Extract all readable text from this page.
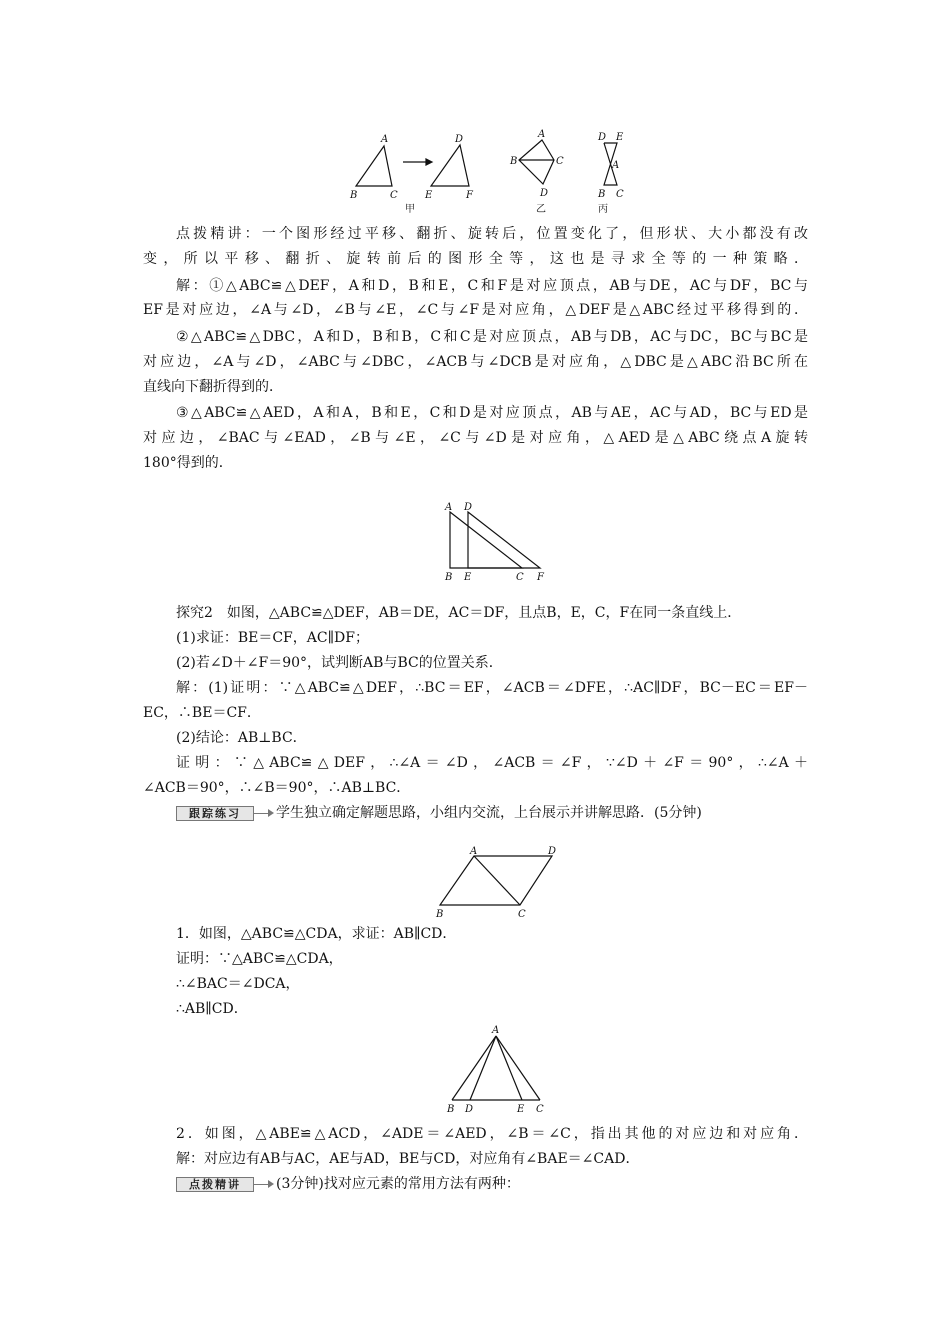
A
B	C
D
E	F
A
B	C
D
D E
A
B C
甲	乙	丙
点拨精讲：一个图形经过平移、翻折、旋转后，位置变化了，但形状、大小都没有改
变，所以平移、翻折、旋转前后的图形全等，这也是寻求全等的一种策略．
解：①△ABC≌△DEF，A和D，B和E，C和F是对应顶点，AB与DE，AC与DF，BC与
EF是对应边，∠A与∠D，∠B与∠E，∠C与∠F是对应角，△DEF是△ABC经过平移得到的．
②△ABC≌△DBC，A和D，B和B，C和C是对应顶点，AB与DB，AC与DC，BC与BC是
对应边，∠A与∠D，∠ABC与∠DBC，∠ACB与∠DCB是对应角，△DBC是△ABC沿BC所在
直线向下翻折得到的．
③△ABC≌△AED，A和A，B和E，C和D是对应顶点，AB与AE，AC与AD，BC与ED是
对应边，∠BAC与∠EAD，∠B与∠E，∠C与∠D是对应角，△AED是△ABC绕点A旋转
180°得到的．
A D
B E	C F
探究2　如图，△ABC≌△DEF，AB＝DE，AC＝DF，且点B，E，C，F在同一条直线上．
(1)求证：BE＝CF，AC∥DF；
(2)若∠D＋∠F＝90°，试判断AB与BC的位置关系．
解：(1)证明：∵△ABC≌△DEF，∴BC＝EF，∠ACB＝∠DFE，∴AC∥DF，BC－EC＝EF－
EC，∴BE＝CF．
(2)结论：AB⊥BC．
证明：∵△ABC≌△DEF，∴∠A＝∠D，∠ACB＝∠F，∵∠D＋∠F＝90°，∴∠A＋
∠ACB＝90°，∴∠B＝90°，∴AB⊥BC．
跟踪练习	学生独立确定解题思路，小组内交流，上台展示并讲解思路．(5分钟)
A	D
B	C
1．如图，△ABC≌△CDA，求证：AB∥CD．
证明：∵△ABC≌△CDA，
∴∠BAC＝∠DCA，
∴AB∥CD．
A
B D	E C
2．如图，△ABE≌△ACD，∠ADE＝∠AED，∠B＝∠C，指出其他的对应边和对应角．
解：对应边有AB与AC，AE与AD，BE与CD，对应角有∠BAE＝∠CAD．
点拨精讲	(3分钟)找对应元素的常用方法有两种：
